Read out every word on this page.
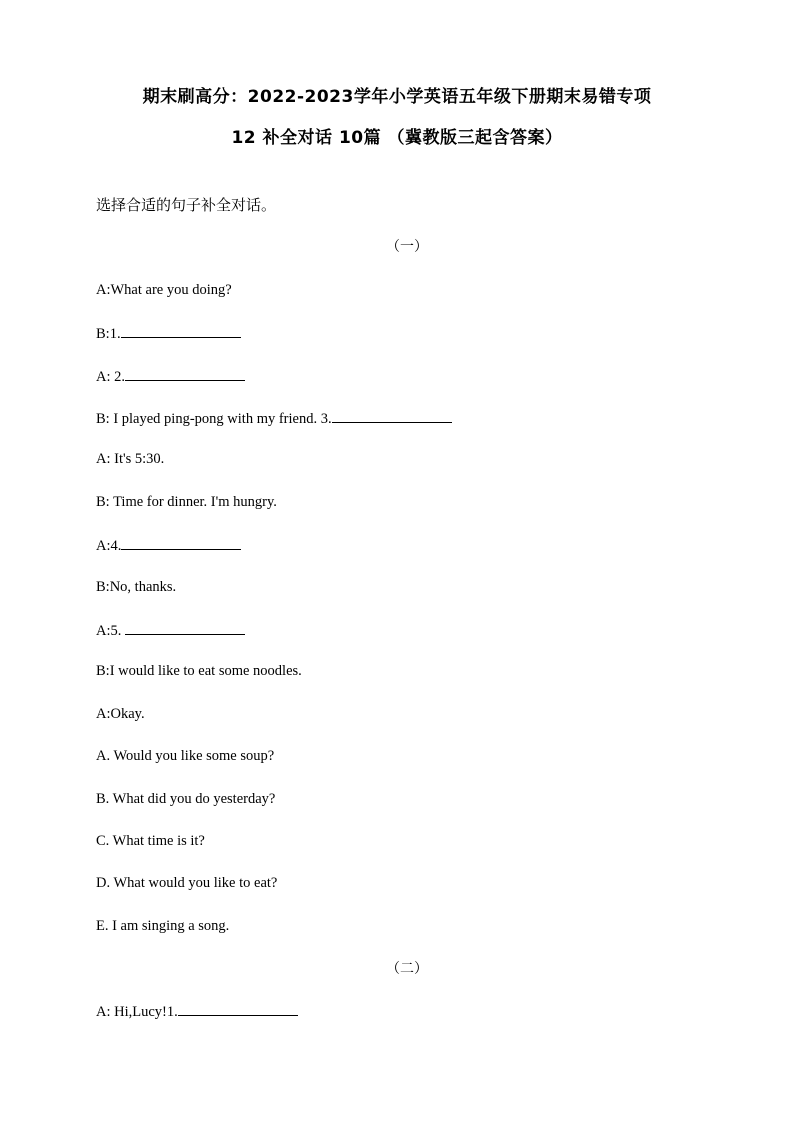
期末刷高分：2022-2023学年小学英语五年级下册期末易错专项
12 补全对话 10篇 （冀教版三起含答案）
选择合适的句子补全对话。
（一）
A:What are you doing?
B:1.
A: 2.
B: I played ping-pong with my friend. 3.
A: It's 5:30.
B: Time for dinner. I'm hungry.
A:4.
B:No, thanks.
A:5.
B:I would like to eat some noodles.
A:Okay.
A. Would you like some soup?
B. What did you do yesterday?
C. What time is it?
D. What would you like to eat?
E. I am singing a song.
（二）
A: Hi,Lucy!1.
